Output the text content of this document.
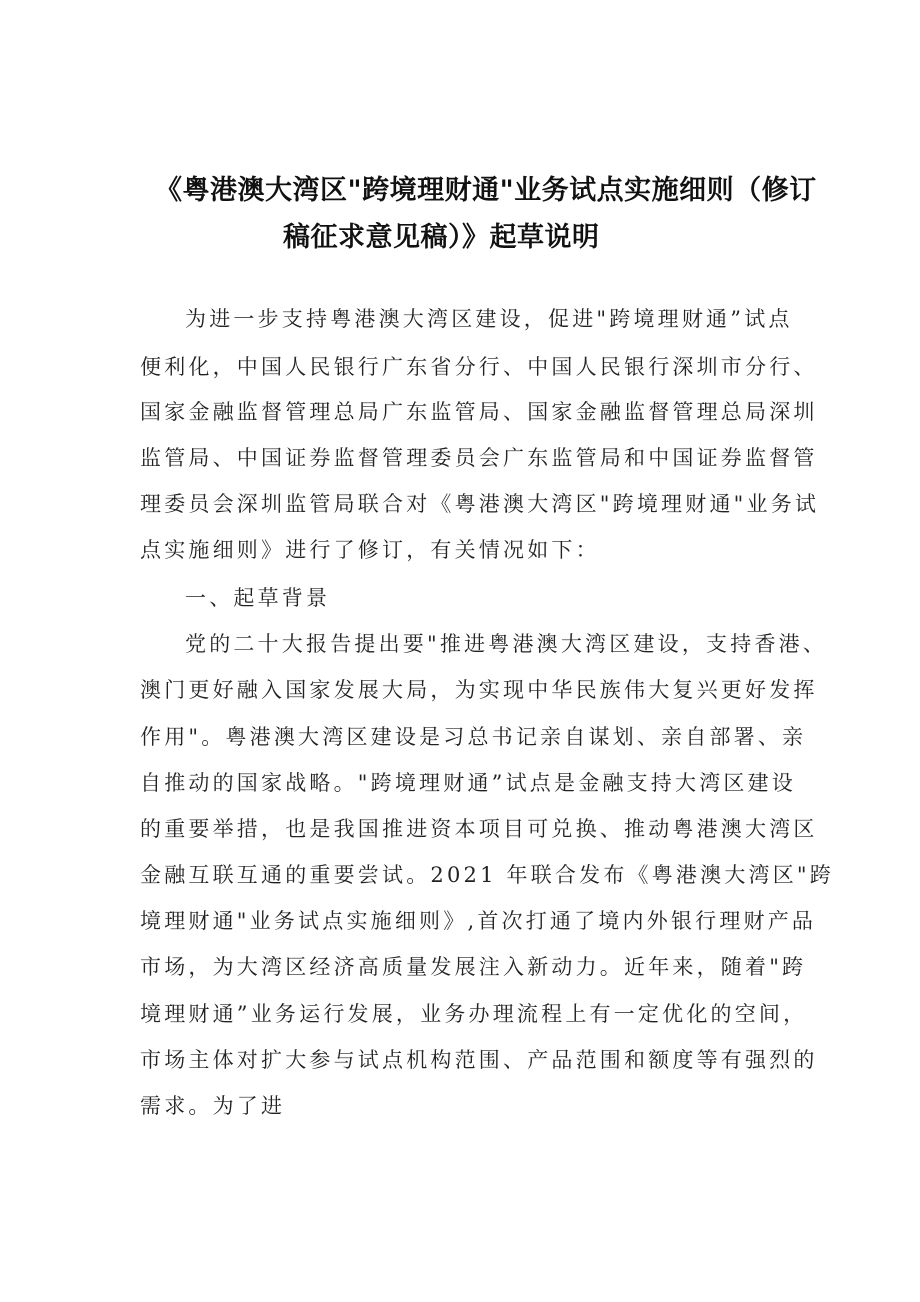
《粤港澳大湾区"跨境理财通"业务试点实施细则（修订
稿征求意见稿）》起草说明
为进一步支持粤港澳大湾区建设，促进"跨境理财通”试点
便利化，中国人民银行广东省分行、中国人民银行深圳市分行、
国家金融监督管理总局广东监管局、国家金融监督管理总局深圳
监管局、中国证券监督管理委员会广东监管局和中国证券监督管
理委员会深圳监管局联合对《粤港澳大湾区"跨境理财通"业务试
点实施细则》进行了修订，有关情况如下：
一、起草背景
党的二十大报告提出要"推进粤港澳大湾区建设，支持香港、
澳门更好融入国家发展大局，为实现中华民族伟大复兴更好发挥
作用"。粤港澳大湾区建设是习总书记亲自谋划、亲自部署、亲
自推动的国家战略。"跨境理财通”试点是金融支持大湾区建设
的重要举措，也是我国推进资本项目可兑换、推动粤港澳大湾区
金融互联互通的重要尝试。2021 年联合发布《粤港澳大湾区"跨
境理财通"业务试点实施细则》,首次打通了境内外银行理财产品
市场，为大湾区经济高质量发展注入新动力。近年来，随着"跨
境理财通”业务运行发展，业务办理流程上有一定优化的空间，
市场主体对扩大参与试点机构范围、产品范围和额度等有强烈的
需求。为了进
